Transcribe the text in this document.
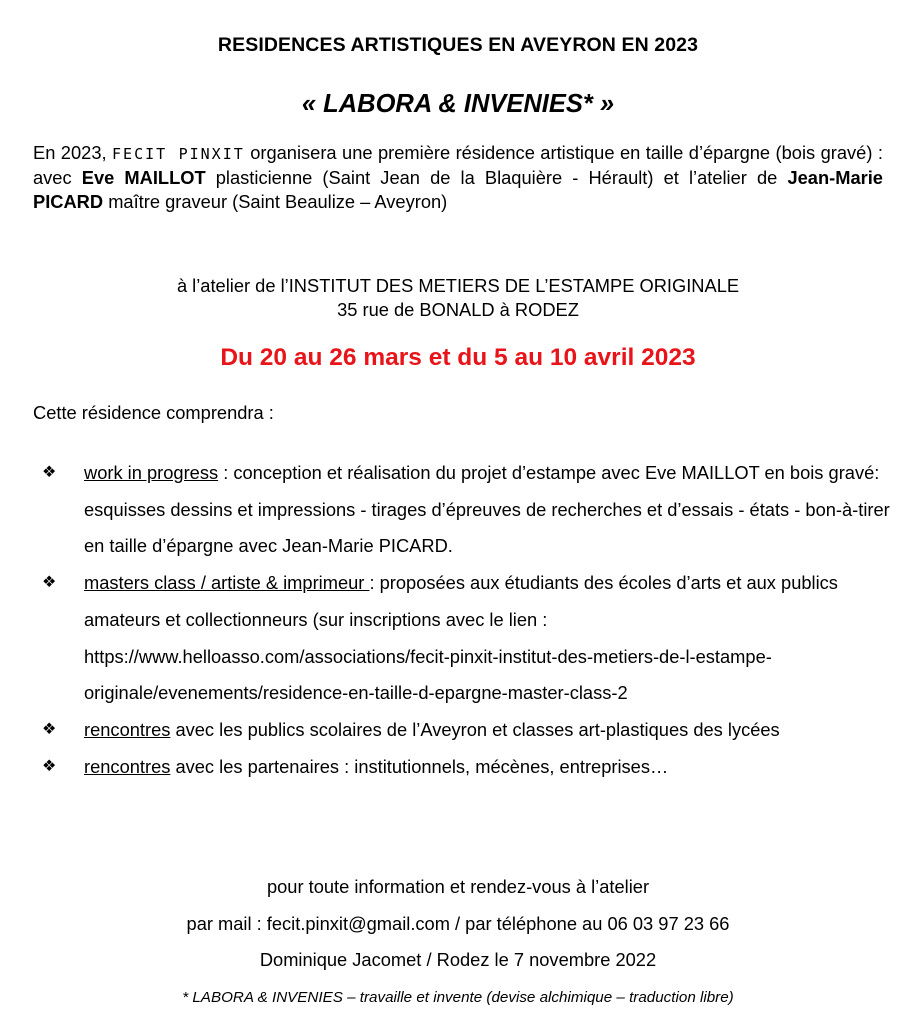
RESIDENCES ARTISTIQUES EN AVEYRON EN 2023
« LABORA & INVENIES* »
En 2023, FECIT PINXIT organisera une première résidence artistique en taille d’épargne (bois gravé) : avec Eve MAILLOT plasticienne (Saint Jean de la Blaquière - Hérault) et l’atelier de Jean-Marie PICARD maître graveur (Saint Beaulize – Aveyron)
à l’atelier de l’INSTITUT DES METIERS DE L’ESTAMPE ORIGINALE
35 rue de BONALD à RODEZ
Du 20 au 26 mars et du 5 au 10 avril 2023
Cette résidence comprendra :
❖ work in progress : conception et réalisation du projet d’estampe avec Eve MAILLOT en bois gravé: esquisses dessins et impressions - tirages d’épreuves de recherches et d’essais - états - bon-à-tirer en taille d’épargne avec Jean-Marie PICARD.
❖ masters class / artiste & imprimeur : proposées aux étudiants des écoles d’arts et aux publics amateurs et collectionneurs (sur inscriptions avec le lien : https://www.helloasso.com/associations/fecit-pinxit-institut-des-metiers-de-l-estampe-originale/evenements/residence-en-taille-d-epargne-master-class-2
❖ rencontres avec les publics scolaires de l’Aveyron et classes art-plastiques des lycées
❖ rencontres avec les partenaires : institutionnels, mécènes, entreprises…
pour toute information et rendez-vous à l’atelier
par mail : fecit.pinxit@gmail.com / par téléphone au 06 03 97 23 66
Dominique Jacomet / Rodez le 7 novembre 2022
* LABORA & INVENIES – travaille et invente (devise alchimique – traduction libre)
